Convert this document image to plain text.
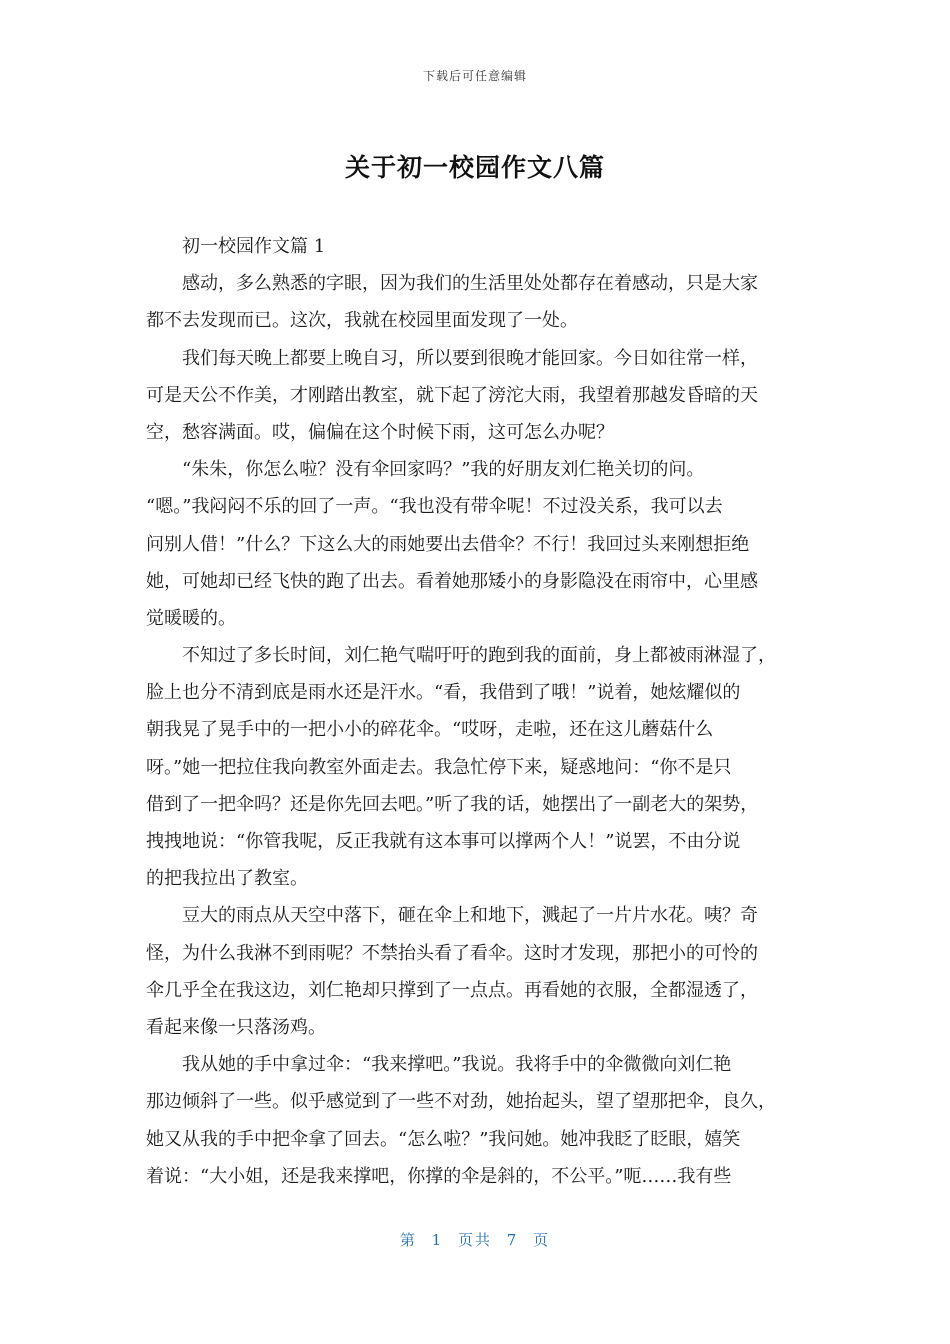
下载后可任意编辑
关于初一校园作文八篇
初一校园作文篇 1
感动，多么熟悉的字眼，因为我们的生活里处处都存在着感动，只是大家
都不去发现而已。这次，我就在校园里面发现了一处。
我们每天晚上都要上晚自习，所以要到很晚才能回家。今日如往常一样，
可是天公不作美，才刚踏出教室，就下起了滂沱大雨，我望着那越发昏暗的天
空，愁容满面。哎，偏偏在这个时候下雨，这可怎么办呢？
“朱朱，你怎么啦？没有伞回家吗？”我的好朋友刘仁艳关切的问。
“嗯。”我闷闷不乐的回了一声。“我也没有带伞呢！不过没关系，我可以去
问别人借！”什么？下这么大的雨她要出去借伞？不行！我回过头来刚想拒绝
她，可她却已经飞快的跑了出去。看着她那矮小的身影隐没在雨帘中，心里感
觉暖暖的。
不知过了多长时间，刘仁艳气喘吁吁的跑到我的面前，身上都被雨淋湿了，
脸上也分不清到底是雨水还是汗水。“看，我借到了哦！”说着，她炫耀似的
朝我晃了晃手中的一把小小的碎花伞。“哎呀，走啦，还在这儿蘑菇什么
呀。”她一把拉住我向教室外面走去。我急忙停下来，疑惑地问：“你不是只
借到了一把伞吗？还是你先回去吧。”听了我的话，她摆出了一副老大的架势，
拽拽地说：“你管我呢，反正我就有这本事可以撑两个人！”说罢，不由分说
的把我拉出了教室。
豆大的雨点从天空中落下，砸在伞上和地下，溅起了一片片水花。咦？奇
怪，为什么我淋不到雨呢？不禁抬头看了看伞。这时才发现，那把小的可怜的
伞几乎全在我这边，刘仁艳却只撑到了一点点。再看她的衣服，全都湿透了，
看起来像一只落汤鸡。
我从她的手中拿过伞：“我来撑吧。”我说。我将手中的伞微微向刘仁艳
那边倾斜了一些。似乎感觉到了一些不对劲，她抬起头，望了望那把伞，良久，
她又从我的手中把伞拿了回去。“怎么啦？”我问她。她冲我眨了眨眼，嬉笑
着说：“大小姐，还是我来撑吧，你撑的伞是斜的，不公平。”呃……我有些
第 1 页共 7 页
